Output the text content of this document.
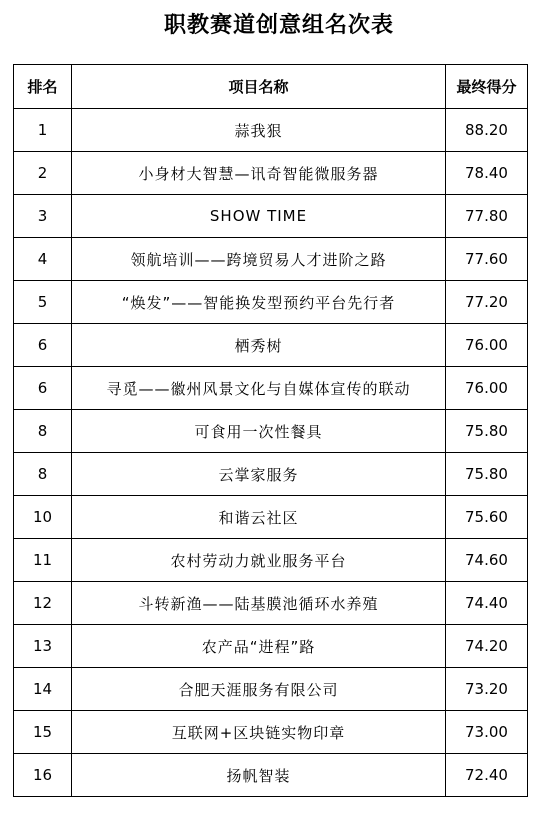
职教赛道创意组名次表
排名	项目名称	最终得分
1	蒜我狠	88.20
2	小身材大智慧—讯奇智能微服务器	78.40
3	SHOW TIME	77.80
4	领航培训——跨境贸易人才进阶之路	77.60
5	“焕发”——智能换发型预约平台先行者	77.20
6	栖秀树	76.00
6	寻觅——徽州风景文化与自媒体宣传的联动	76.00
8	可食用一次性餐具	75.80
8	云掌家服务	75.80
10	和谐云社区	75.60
11	农村劳动力就业服务平台	74.60
12	斗转新渔——陆基膜池循环水养殖	74.40
13	农产品“进程”路	74.20
14	合肥天涯服务有限公司	73.20
15	互联网+区块链实物印章	73.00
16	扬帆智装	72.40
